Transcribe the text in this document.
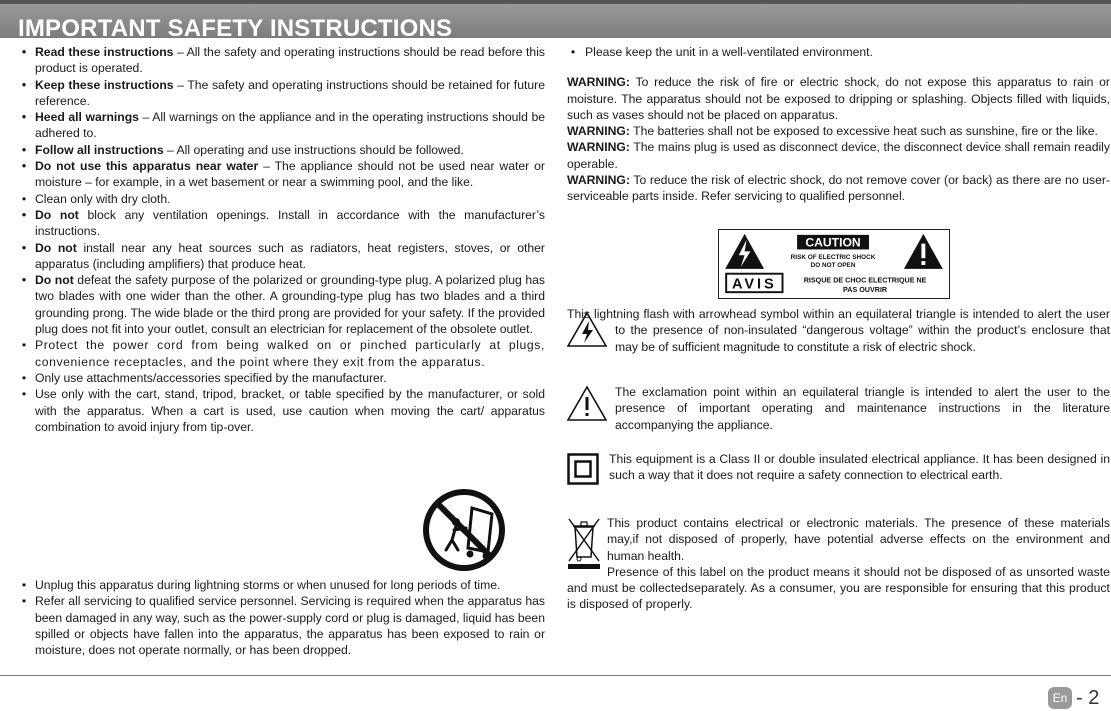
IMPORTANT SAFETY INSTRUCTIONS
• Read these instructions – All the safety and operating instructions should be read before this product is operated.
• Keep these instructions – The safety and operating instructions should be retained for future reference.
• Heed all warnings – All warnings on the appliance and in the operating instructions should be adhered to.
• Follow all instructions – All operating and use instructions should be followed.
• Do not use this apparatus near water – The appliance should not be used near water or moisture – for example, in a wet basement or near a swimming pool, and the like.
• Clean only with dry cloth.
• Do not block any ventilation openings. Install in accordance with the manufacturer’s instructions.
• Do not install near any heat sources such as radiators, heat registers, stoves, or other apparatus (including amplifiers) that produce heat.
• Do not defeat the safety purpose of the polarized or grounding-type plug. A polarized plug has two blades with one wider than the other. A grounding-type plug has two blades and a third grounding prong. The wide blade or the third prong are provided for your safety. If the provided plug does not fit into your outlet, consult an electrician for replacement of the obsolete outlet.
• Protect the power cord from being walked on or pinched particularly at plugs, convenience receptacles, and the point where they exit from the apparatus.
• Only use attachments/accessories specified by the manufacturer.
• Use only with the cart, stand, tripod, bracket, or table specified by the manufacturer, or sold with the apparatus. When a cart is used, use caution when moving the cart/ apparatus combination to avoid injury from tip-over.
• Unplug this apparatus during lightning storms or when unused for long periods of time.
• Refer all servicing to qualified service personnel. Servicing is required when the apparatus has been damaged in any way, such as the power-supply cord or plug is damaged, liquid has been spilled or objects have fallen into the apparatus, the apparatus has been exposed to rain or moisture, does not operate normally, or has been dropped.
• Please keep the unit in a well-ventilated environment.

WARNING: To reduce the risk of fire or electric shock, do not expose this apparatus to rain or moisture. The apparatus should not be exposed to dripping or splashing. Objects filled with liquids, such as vases should not be placed on apparatus.

WARNING: The batteries shall not be exposed to excessive heat such as sunshine, fire or the like.

WARNING: The mains plug is used as disconnect device, the disconnect device shall remain readily operable.

WARNING: To reduce the risk of electric shock, do not remove cover (or back) as there are no user-serviceable parts inside. Refer servicing to qualified personnel.

CAUTION
RISK OF ELECTRIC SHOCK
DO NOT OPEN
AVIS	RISQUE DE CHOC ELECTRIQUE NE
PAS OUVRIR
This lightning flash with arrowhead symbol within an equilateral triangle is intended to alert the user to the presence of non-insulated “dangerous voltage” within the product’s enclosure that may be of sufficient magnitude to constitute a risk of electric shock.
The exclamation point within an equilateral triangle is intended to alert the user to the presence of important operating and maintenance instructions in the literature accompanying the appliance.
This equipment is a Class II or double insulated electrical appliance. It has been designed in such a way that it does not require a safety connection to electrical earth.
This product contains electrical or electronic materials. The presence of these materials may,if not disposed of properly, have potential adverse effects on the environment and human health.
Presence of this label on the product means it should not be disposed of as unsorted waste and must be collectedseparately. As a consumer, you are responsible for ensuring that this product is disposed of properly.
En - 2
